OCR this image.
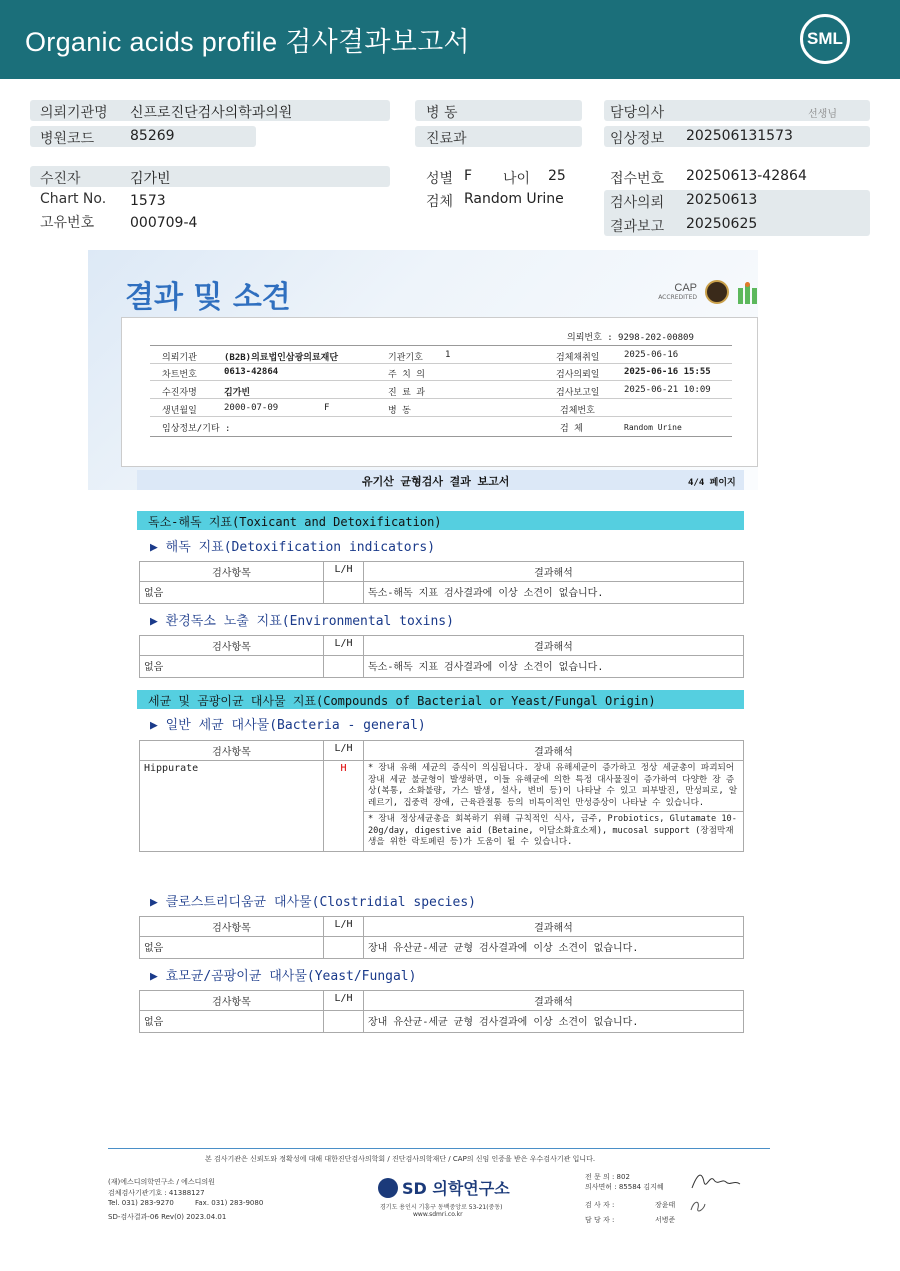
Organic acids profile 검사결과보고서	SML
의뢰기관명 신프로진단검사의학과의원	병 동	담당의사	선생님
병원코드	85269	진료과	임상정보 202506131573
수진자	김가빈	성별 F 나이 25	접수번호 20250613-42864
Chart No. 1573	검체 Random Urine	검사의뢰 20250613
고유번호	000709-4	결과보고 20250625
결과 및 소견	CAP
ACCREDITED
의뢰번호 : 9298-202-00809
의뢰기관	(B2B)의료법인삼광의료재단	기관기호 1	검체채취일	2025-06-16
차트번호	0613-42864	주 치 의	검사의뢰일	2025-06-16 15:55
수진자명	김가빈	진 료 과	검사보고일	2025-06-21 10:09
생년월일	2000-07-09	F	병 동	검체번호
임상정보/기타 :	검 체	Random Urine
유기산 균형검사 결과 보고서	4/4 페이지
독소-해독 지표(Toxicant and Detoxification)
▶ 해독 지표(Detoxification indicators)
검사항목	L/H	결과해석
없음		독소-해독 지표 검사결과에 이상 소견이 없습니다.
▶ 환경독소 노출 지표(Environmental toxins)
검사항목	L/H	결과해석
없음		독소-해독 지표 검사결과에 이상 소견이 없습니다.
세균 및 곰팡이균 대사물 지표(Compounds of Bacterial or Yeast/Fungal Origin)
▶ 일반 세균 대사물(Bacteria - general)
검사항목	L/H	결과해석
Hippurate	H	* 장내 유해 세균의 증식이 의심됩니다. 장내 유해세균이 증가하고 정상 세균총이 파괴되어 장내 세균 불균형이 발생하면, 이들 유해균에 의한 특정 대사물질이 증가하여 다양한 장 증상(복통, 소화불량, 가스 발생, 설사, 변비 등)이 나타날 수 있고 피부발진, 만성피로, 알레르기, 집중력 장애, 근육관절통 등의 비특이적인 만성증상이 나타날 수 있습니다.
		* 장내 정상세균총을 회복하기 위해 규칙적인 식사, 금주, Probiotics, Glutamate 10-20g/day, digestive aid (Betaine, 이담소화효소제), mucosal support (장점막재생을 위한 락토페린 등)가 도움이 될 수 있습니다.
▶ 클로스트리디움균 대사물(Clostridial species)
검사항목	L/H	결과해석
없음		장내 유산균-세균 균형 검사결과에 이상 소견이 없습니다.
▶ 효모균/곰팡이균 대사물(Yeast/Fungal)
검사항목	L/H	결과해석
없음		장내 유산균-세균 균형 검사결과에 이상 소견이 없습니다.
본 검사기관은 신뢰도와 정확성에 대해 대한진단검사의학회 / 진단검사의학재단 / CAP의 신임 인증을 받은 우수검사기관 입니다.
(재)에스디의학연구소 / 에스디의원
검체검사기관기호 : 41388127
Tel. 031) 283-9270	Fax. 031) 283-9080
SD-검사결과-06 Rev(0) 2023.04.01
SD 의학연구소
경기도 용인시 기흥구 동백중앙로 53-21(중동)
www.sdmri.co.kr
전 문 의 : 802
의사면허 : 85584 김지혜
검 사 자 :	장윤태
담 당 자 :	서병준
